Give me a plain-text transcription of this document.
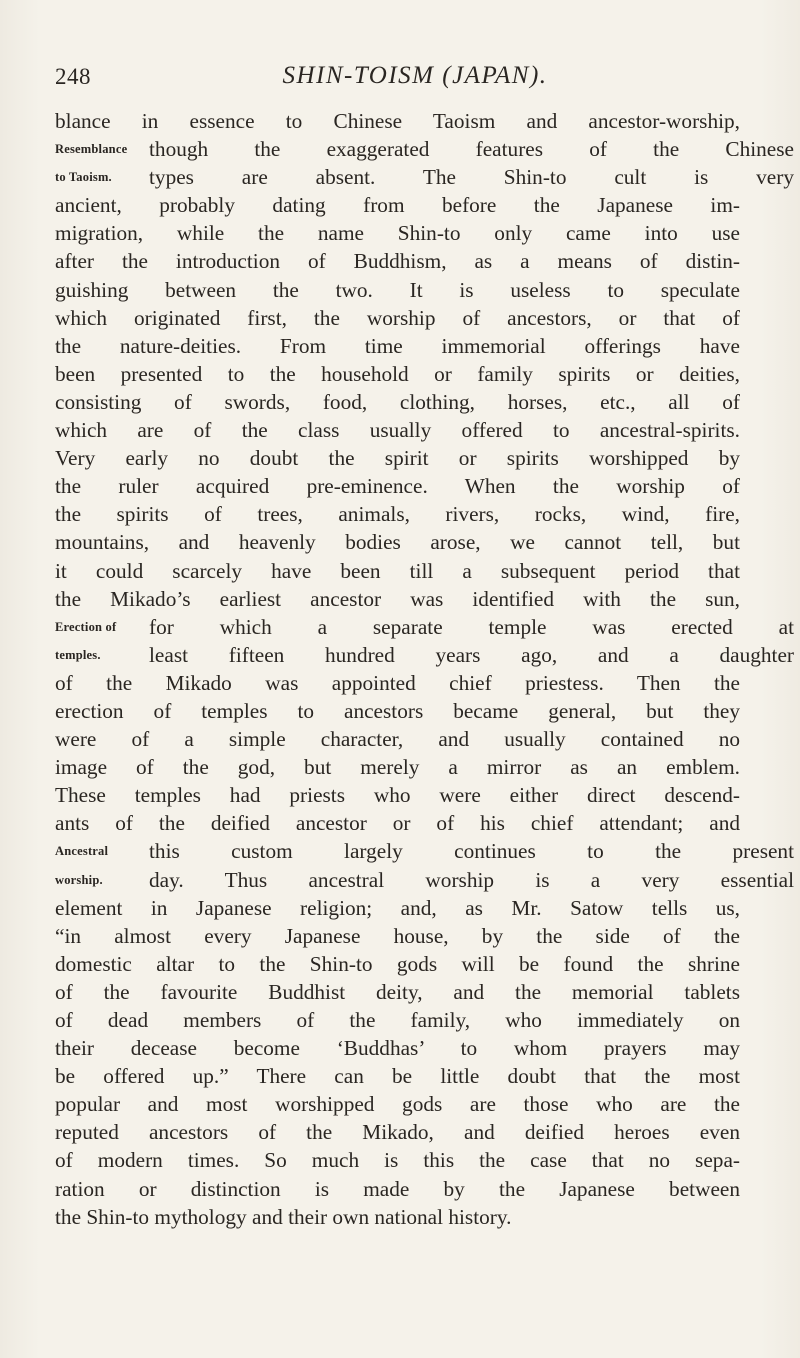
248	SHIN-TOISM (JAPAN).
blance in essence to Chinese Taoism and ancestor-worship,
Resemblance	though the exaggerated features of the Chinese
to Taoism.	types are absent. The Shin-to cult is very
ancient, probably dating from before the Japanese im-
migration, while the name Shin-to only came into use
after the introduction of Buddhism, as a means of distin-
guishing between the two. It is useless to speculate
which originated first, the worship of ancestors, or that of
the nature-deities. From time immemorial offerings have
been presented to the household or family spirits or deities,
consisting of swords, food, clothing, horses, etc., all of
which are of the class usually offered to ancestral-spirits.
Very early no doubt the spirit or spirits worshipped by
the ruler acquired pre-eminence. When the worship of
the spirits of trees, animals, rivers, rocks, wind, fire,
mountains, and heavenly bodies arose, we cannot tell, but
it could scarcely have been till a subsequent period that
the Mikado’s earliest ancestor was identified with the sun,
Erection of	for which a separate temple was erected at
temples.	least fifteen hundred years ago, and a daughter
of the Mikado was appointed chief priestess. Then the
erection of temples to ancestors became general, but they
were of a simple character, and usually contained no
image of the god, but merely a mirror as an emblem.
These temples had priests who were either direct descend-
ants of the deified ancestor or of his chief attendant; and
Ancestral	this custom largely continues to the present
worship.	day. Thus ancestral worship is a very essential
element in Japanese religion; and, as Mr. Satow tells us,
“in almost every Japanese house, by the side of the
domestic altar to the Shin-to gods will be found the shrine
of the favourite Buddhist deity, and the memorial tablets
of dead members of the family, who immediately on
their decease become ‘Buddhas’ to whom prayers may
be offered up.” There can be little doubt that the most
popular and most worshipped gods are those who are the
reputed ancestors of the Mikado, and deified heroes even
of modern times. So much is this the case that no sepa-
ration or distinction is made by the Japanese between
the Shin-to mythology and their own national history.
